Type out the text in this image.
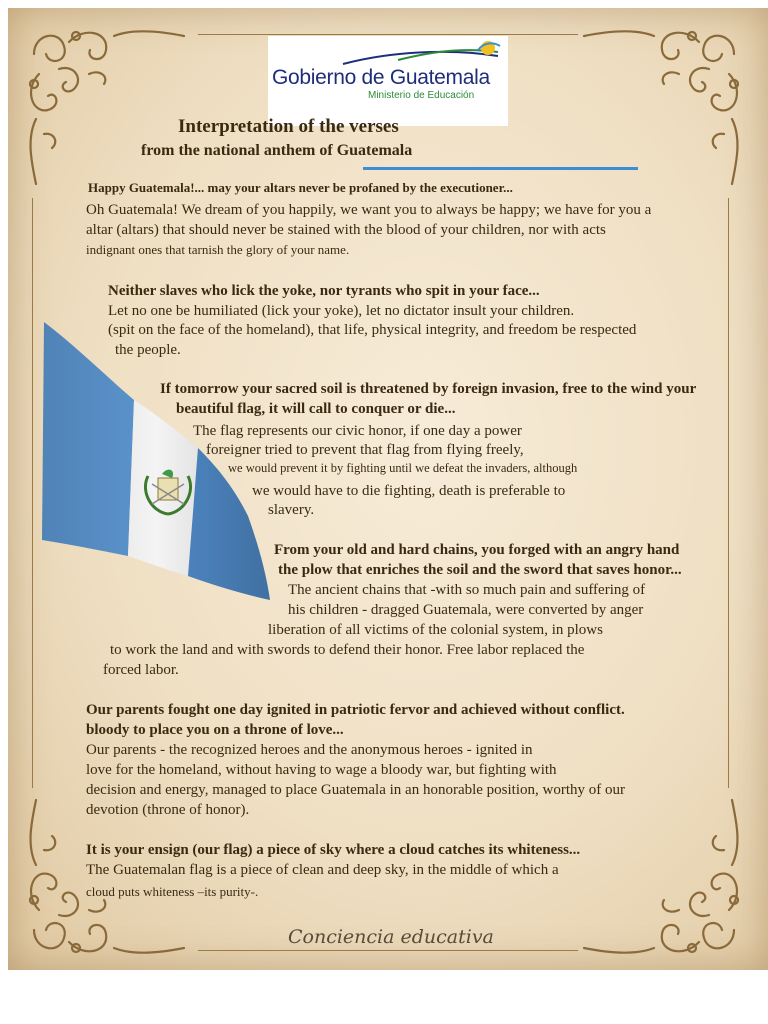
Gobierno de Guatemala
Ministerio de Educación
Interpretation of the verses
from the national anthem of Guatemala
Happy Guatemala!... may your altars never be profaned by the executioner...
Oh Guatemala! We dream of you happily, we want you to always be happy; we have for you a
altar (altars) that should never be stained with the blood of your children, nor with acts
indignant ones that tarnish the glory of your name.
Neither slaves who lick the yoke, nor tyrants who spit in your face...
Let no one be humiliated (lick your yoke), let no dictator insult your children.
(spit on the face of the homeland), that life, physical integrity, and freedom be respected
the people.
If tomorrow your sacred soil is threatened by foreign invasion, free to the wind your
beautiful flag, it will call to conquer or die...
The flag represents our civic honor, if one day a power
foreigner tried to prevent that flag from flying freely,
we would prevent it by fighting until we defeat the invaders, although
we would have to die fighting, death is preferable to
slavery.
From your old and hard chains, you forged with an angry hand
the plow that enriches the soil and the sword that saves honor...
The ancient chains that -with so much pain and suffering of
his children - dragged Guatemala, were converted by anger
liberation of all victims of the colonial system, in plows
to work the land and with swords to defend their honor. Free labor replaced the
forced labor.
Our parents fought one day ignited in patriotic fervor and achieved without conflict.
bloody to place you on a throne of love...
Our parents - the recognized heroes and the anonymous heroes - ignited in
love for the homeland, without having to wage a bloody war, but fighting with
decision and energy, managed to place Guatemala in an honorable position, worthy of our
devotion (throne of honor).
It is your ensign (our flag) a piece of sky where a cloud catches its whiteness...
The Guatemalan flag is a piece of clean and deep sky, in the middle of which a
cloud puts whiteness –its purity-.
Conciencia educativa
